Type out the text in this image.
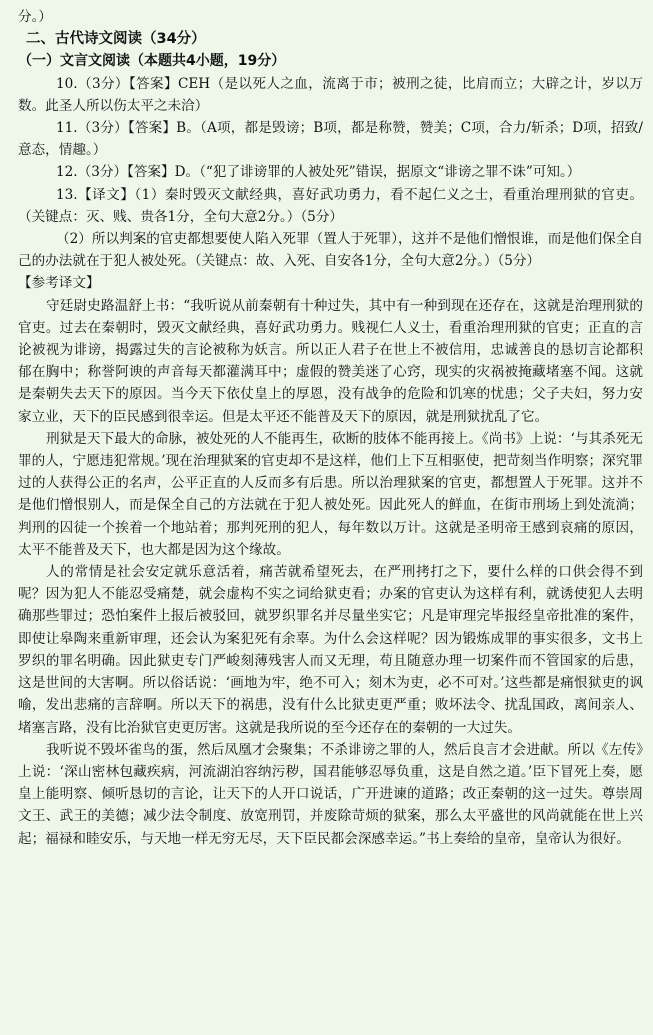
分。）

二、古代诗文阅读（34分）

（一）文言文阅读（本题共4小题，19分）

10.（3分）【答案】CEH（是以死人之血，流离于市；被刑之徒，比肩而立；大辟之计，岁以万数。此圣人所以伤太平之未洽）

11.（3分）【答案】B。（A项，都是毁谤；B项，都是称赞，赞美；C项，合力/斩杀；D项，招致/意态，情趣。）

12.（3分）【答案】D。（“犯了诽谤罪的人被处死”错误，据原文“诽谤之罪不诛”可知。）

13.【译文】（1）秦时毁灭文献经典，喜好武功勇力，看不起仁义之士，看重治理刑狱的官吏。（关键点：灭、贱、贵各1分，全句大意2分。）（5分）

（2）所以判案的官吏都想要使人陷入死罪（置人于死罪），这并不是他们憎恨谁，而是他们保全自己的办法就在于犯人被处死。（关键点：故、入死、自安各1分，全句大意2分。）（5分）

【参考译文】

守廷尉史路温舒上书：“我听说从前秦朝有十种过失，其中有一种到现在还存在，这就是治理刑狱的官吏。过去在秦朝时，毁灭文献经典，喜好武功勇力。贱视仁人义士，看重治理刑狱的官吏；正直的言论被视为诽谤，揭露过失的言论被称为妖言。所以正人君子在世上不被信用，忠诚善良的恳切言论都积郁在胸中；称誉阿谀的声音每天都灌满耳中；虚假的赞美迷了心窍，现实的灾祸被掩藏堵塞不闻。这就是秦朝失去天下的原因。当今天下依仗皇上的厚恩，没有战争的危险和饥寒的忧患；父子夫妇，努力安家立业，天下的臣民感到很幸运。但是太平还不能普及天下的原因，就是刑狱扰乱了它。

刑狱是天下最大的命脉，被处死的人不能再生，砍断的肢体不能再接上。《尚书》上说：‘与其杀死无罪的人，宁愿违犯常规。’现在治理狱案的官吏却不是这样，他们上下互相驱使，把苛刻当作明察；深究罪过的人获得公正的名声，公平正直的人反而多有后患。所以治理狱案的官吏，都想置人于死罪。这并不是他们憎恨别人，而是保全自己的方法就在于犯人被处死。因此死人的鲜血，在街市刑场上到处流淌；判刑的囚徒一个挨着一个地站着；那判死刑的犯人，每年数以万计。这就是圣明帝王感到哀痛的原因，太平不能普及天下，也大都是因为这个缘故。

人的常情是社会安定就乐意活着，痛苦就希望死去，在严刑拷打之下，要什么样的口供会得不到呢？因为犯人不能忍受痛楚，就会虚构不实之词给狱吏看；办案的官吏认为这样有利，就诱使犯人去明确那些罪过；恐怕案件上报后被驳回，就罗织罪名并尽量坐实它；凡是审理完毕报经皇帝批准的案件，即使让皋陶来重新审理，还会认为案犯死有余辜。为什么会这样呢？因为锻炼成罪的事实很多，文书上罗织的罪名明确。因此狱吏专门严峻刻薄残害人而又无理，苟且随意办理一切案件而不管国家的后患，这是世间的大害啊。所以俗话说：‘画地为牢，绝不可入；刻木为吏，必不可对。’这些都是痛恨狱吏的讽喻，发出悲痛的言辞啊。所以天下的祸患，没有什么比狱吏更严重；败坏法令、扰乱国政，离间亲人、堵塞言路，没有比治狱官吏更厉害。这就是我所说的至今还存在的秦朝的一大过失。

我听说不毁坏雀鸟的蛋，然后凤凰才会聚集；不杀诽谤之罪的人，然后良言才会进献。所以《左传》上说：‘深山密林包藏疾病，河流湖泊容纳污秽，国君能够忍辱负重，这是自然之道。’臣下冒死上奏，愿皇上能明察、倾听恳切的言论，让天下的人开口说话，广开进谏的道路；改正秦朝的这一过失。尊崇周文王、武王的美德；减少法令制度、放宽刑罚，并废除苛烦的狱案，那么太平盛世的风尚就能在世上兴起；福禄和睦安乐，与天地一样无穷无尽，天下臣民都会深感幸运。”书上奏给的皇帝，皇帝认为很好。
